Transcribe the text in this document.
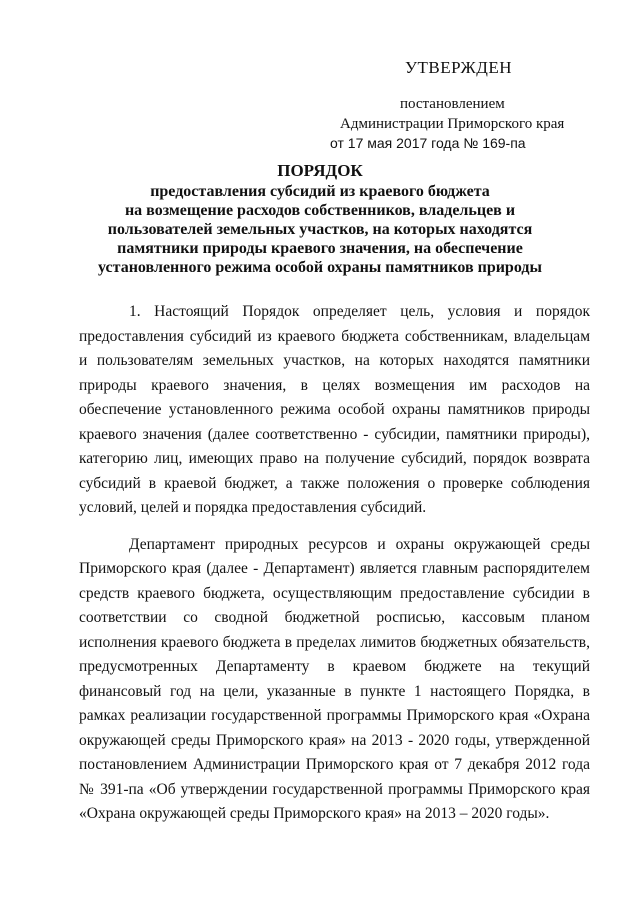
УТВЕРЖДЕН
постановлением
Администрации Приморского края
от 17 мая 2017 года № 169-па
ПОРЯДОК
предоставления субсидий из краевого бюджета
на возмещение расходов собственников, владельцев и
пользователей земельных участков, на которых находятся
памятники природы краевого значения, на обеспечение
установленного режима особой охраны памятников природы

1. Настоящий Порядок определяет цель, условия и порядок предоставления субсидий из краевого бюджета собственникам, владельцам и пользователям земельных участков, на которых находятся памятники природы краевого значения, в целях возмещения им расходов на обеспечение установленного режима особой охраны памятников природы краевого значения (далее соответственно - субсидии, памятники природы), категорию лиц, имеющих право на получение субсидий, порядок возврата субсидий в краевой бюджет, а также положения о проверке соблюдения условий, целей и порядка предоставления субсидий.

Департамент природных ресурсов и охраны окружающей среды Приморского края (далее - Департамент) является главным распорядителем средств краевого бюджета, осуществляющим предоставление субсидии в соответствии со сводной бюджетной росписью, кассовым планом исполнения краевого бюджета в пределах лимитов бюджетных обязательств, предусмотренных Департаменту в краевом бюджете на текущий финансовый год на цели, указанные в пункте 1 настоящего Порядка, в рамках реализации государственной программы Приморского края «Охрана окружающей среды Приморского края» на 2013 - 2020 годы, утвержденной постановлением Администрации Приморского края от 7 декабря 2012 года № 391-па «Об утверждении государственной программы Приморского края «Охрана окружающей среды Приморского края» на 2013 – 2020 годы».
